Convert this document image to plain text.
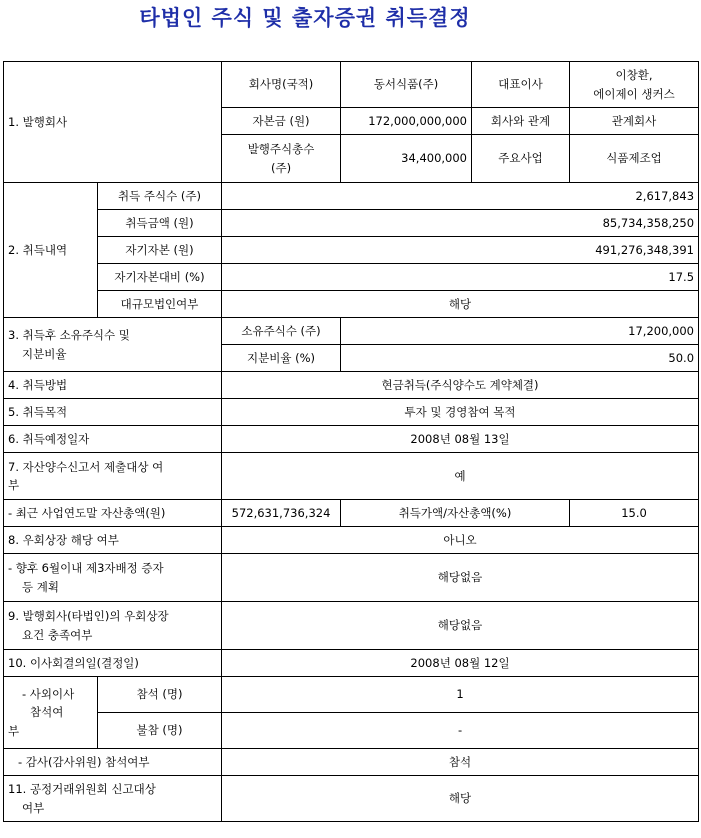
타법인 주식 및 출자증권 취득결정
1. 발행회사		회사명(국적)	동서식품(주)	대표이사	이창환,
에이제이 생커스

		자본금 (원)	172,000,000,000	회사와 관계	관계회사

		발행주식총수
(주)	34,400,000	주요사업	식품제조업
2. 취득내역	취득 주식수 (주)	2,617,843			
	취득금액 (원)	85,734,358,250			
	자기자본 (원)	491,276,348,391			
	자기자본대비 (%)	17.5			
	대규모법인여부	해당			

3. 취득후 소유주식수 및
지분비율		소유주식수 (주)	17,200,000		
		지분비율 (%)	50.0		
4. 취득방법		현금취득(주식양수도 계약체결)			
5. 취득목적		투자 및 경영참여 목적			
6. 취득예정일자		2008년 08월 13일			

7. 자산양수신고서 제출대상 여
부		예			
- 최근 사업연도말 자산총액(원)		572,631,736,324	취득가액/자산총액(%)		15.0
8. 우회상장 해당 여부		아니오			

- 향후 6월이내 제3자배정 증자
등 계획		해당없음			

9. 발행회사(타법인)의 우회상장
요건 충족여부		해당없음			
10. 이사회결의일(결정일)		2008년 08월 12일			

- 사외이사
참석여
부	참석 (명)	1			
	불참 (명)	-			
- 감사(감사위원) 참석여부		참석			

11. 공정거래위원회 신고대상
여부		해당			
